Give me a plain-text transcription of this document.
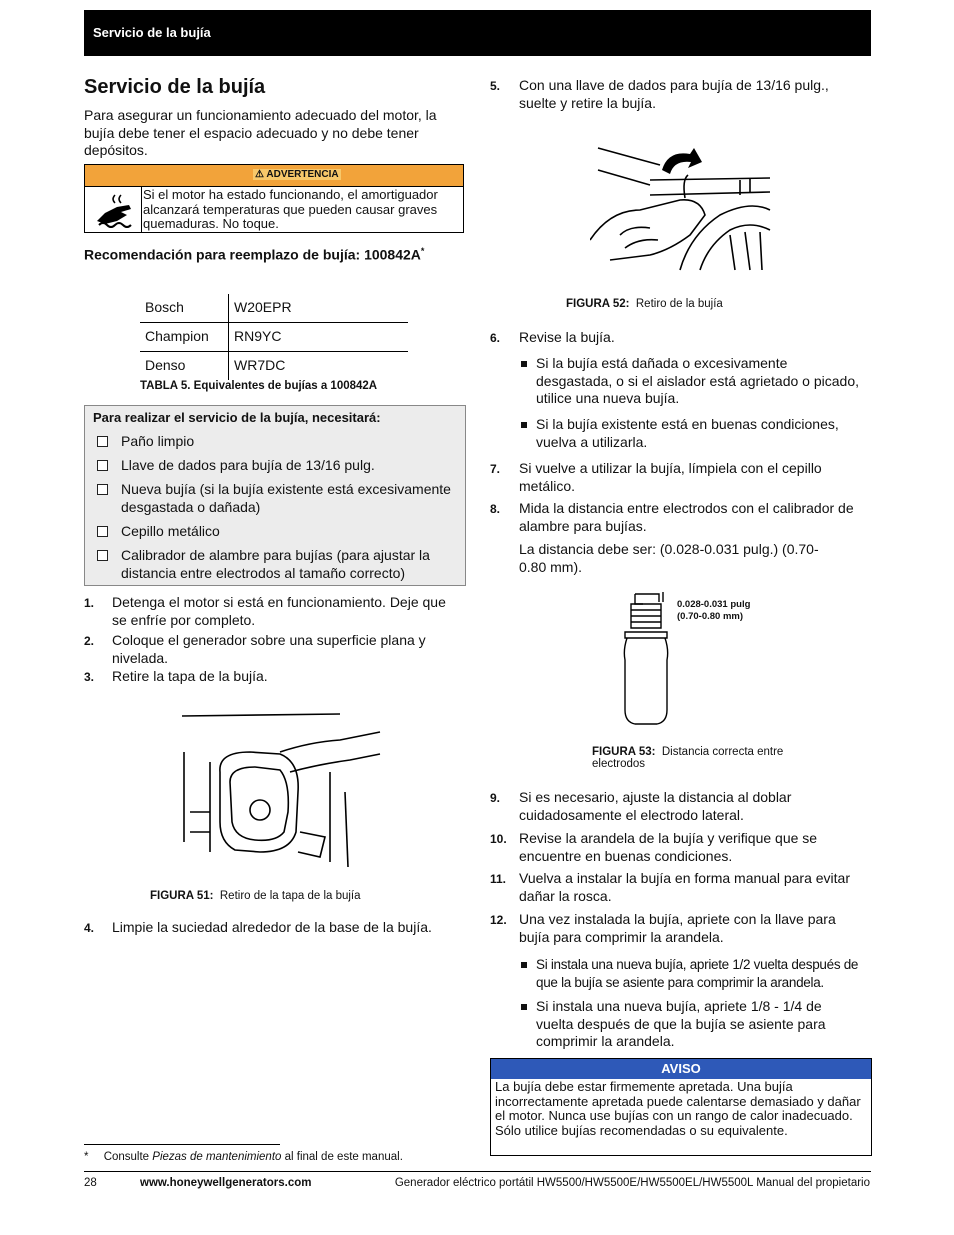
Servicio de la bujía
Servicio de la bujía
Para asegurar un funcionamiento adecuado del motor, la bujía debe tener el espacio adecuado y no debe tener depósitos.
⚠ ADVERTENCIA
Si el motor ha estado funcionando, el amortiguador alcanzará temperaturas que pueden causar graves quemaduras. No toque.
Recomendación para reemplazo de bujía: 100842A*
Bosch	W20EPR
Champion RN9YC
Denso	WR7DC
TABLA 5. Equivalentes de bujías a 100842A
Para realizar el servicio de la bujía, necesitará:
Paño limpio
Llave de dados para bujía de 13/16 pulg.
Nueva bujía (si la bujía existente está excesivamente desgastada o dañada)
Cepillo metálico
Calibrador de alambre para bujías (para ajustar la distancia entre electrodos al tamaño correcto)
1. Detenga el motor si está en funcionamiento. Deje que se enfríe por completo.
2. Coloque el generador sobre una superficie plana y nivelada.
3. Retire la tapa de la bujía.
FIGURA 51: Retiro de la tapa de la bujía
4. Limpie la suciedad alrededor de la base de la bujía.
* Consulte Piezas de mantenimiento al final de este manual.
5. Con una llave de dados para bujía de 13/16 pulg., suelte y retire la bujía.
FIGURA 52: Retiro de la bujía
6. Revise la bujía.
Si la bujía está dañada o excesivamente desgastada, o si el aislador está agrietado o picado, utilice una nueva bujía.
Si la bujía existente está en buenas condiciones, vuelva a utilizarla.
7. Si vuelve a utilizar la bujía, límpiela con el cepillo metálico.
8. Mida la distancia entre electrodos con el calibrador de alambre para bujías.
La distancia debe ser: (0.028-0.031 pulg.) (0.70-0.80 mm).
0.028-0.031 pulg
(0.70-0.80 mm)
FIGURA 53: Distancia correcta entre electrodos
9. Si es necesario, ajuste la distancia al doblar cuidadosamente el electrodo lateral.
10. Revise la arandela de la bujía y verifique que se encuentre en buenas condiciones.
11. Vuelva a instalar la bujía en forma manual para evitar dañar la rosca.
12. Una vez instalada la bujía, apriete con la llave para bujía para comprimir la arandela.
Si instala una nueva bujía, apriete 1/2 vuelta después de que la bujía se asiente para comprimir la arandela.
Si instala una nueva bujía, apriete 1/8 - 1/4 de vuelta después de que la bujía se asiente para comprimir la arandela.
AVISO
La bujía debe estar firmemente apretada. Una bujía incorrectamente apretada puede calentarse demasiado y dañar el motor. Nunca use bujías con un rango de calor inadecuado. Sólo utilice bujías recomendadas o su equivalente.
28	www.honeywellgenerators.com	Generador eléctrico portátil HW5500/HW5500E/HW5500EL/HW5500L Manual del propietario
